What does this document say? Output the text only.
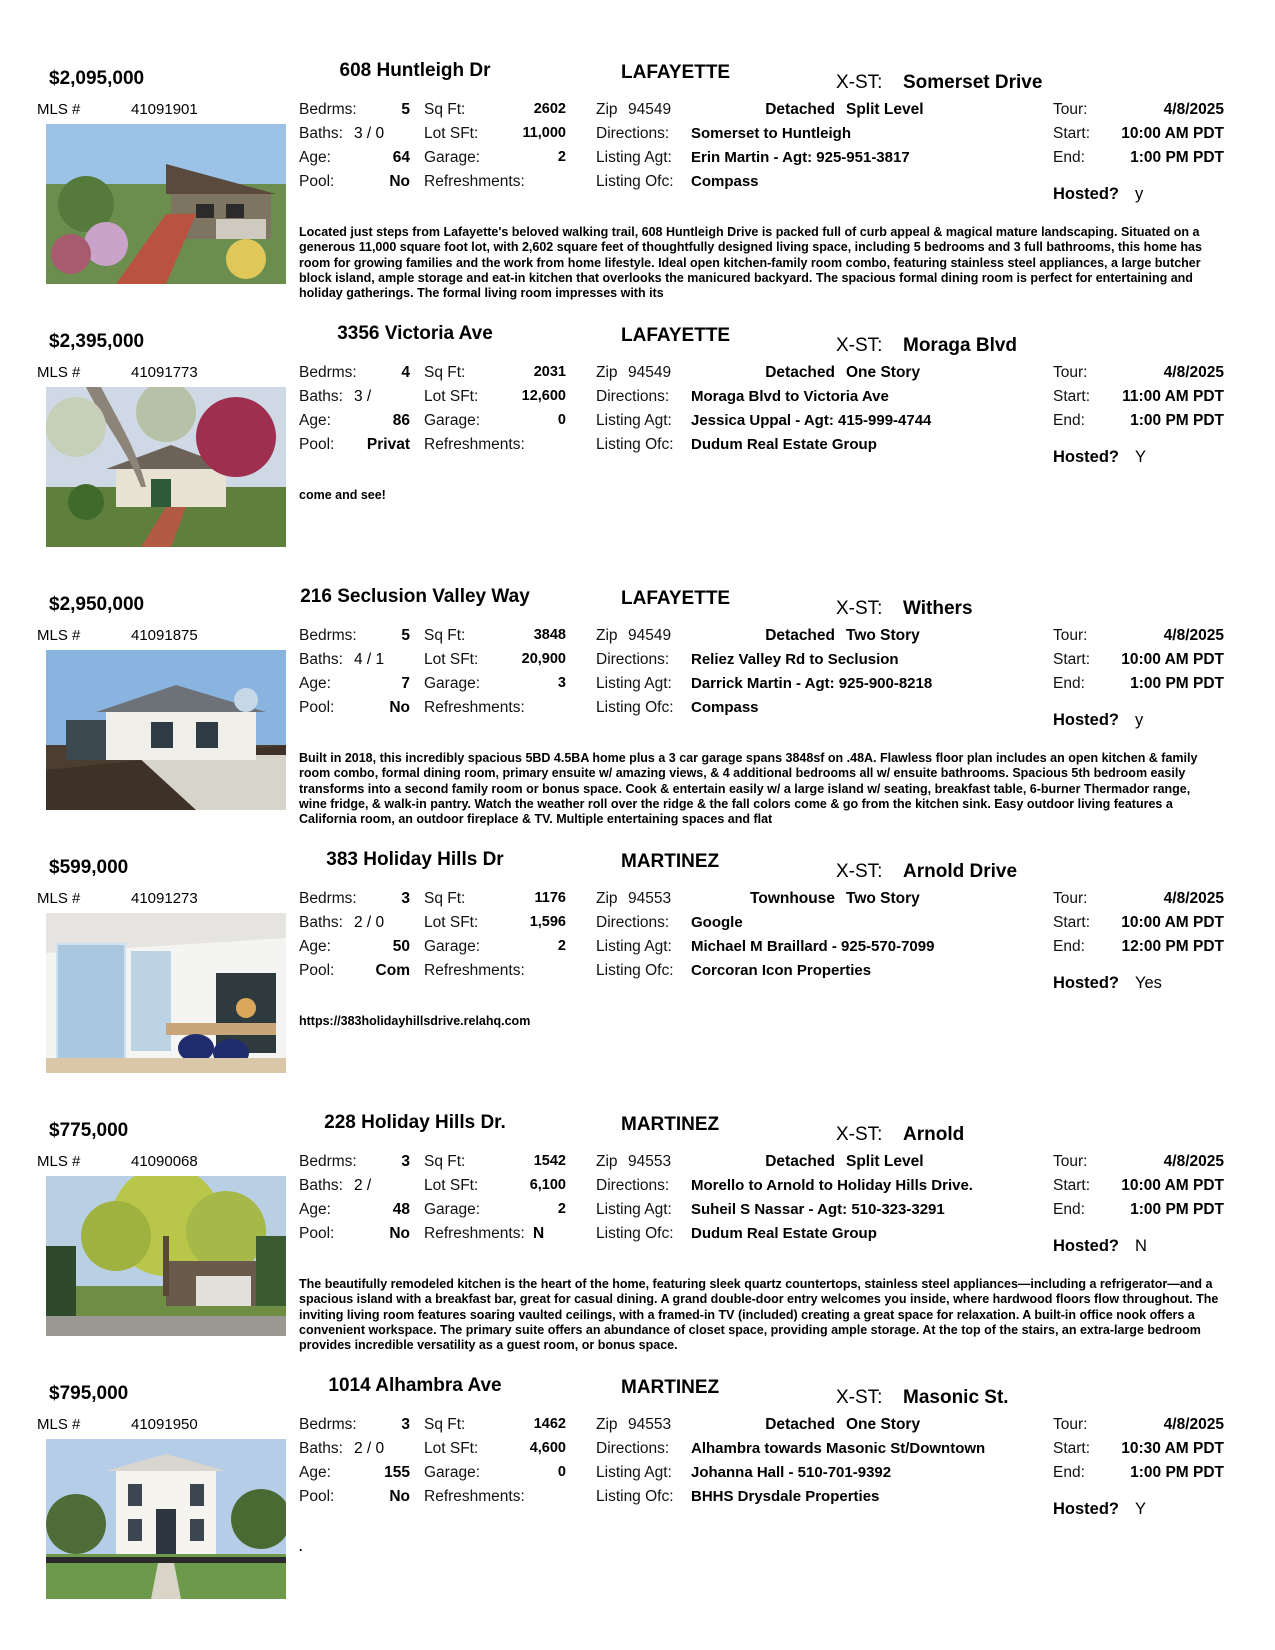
$2,095,000	608 Huntleigh Dr	LAFAYETTE	X-ST: Somerset Drive
MLS #	41091901	Bedrms:	5
Baths: 3 / 0
Age:	64
Pool:	No
Sq Ft:	2602
Lot SFt:	11,000
Garage:	2
Refreshments:
Zip 94549	Detached Split Level
Directions: Somerset to Huntleigh
Listing Agt: Erin Martin - Agt: 925-951-3817
Listing Ofc: Compass
Tour:	4/8/2025
Start:	10:00 AM PDT
End:	1:00 PM PDT
Hosted? y
Located just steps from Lafayette's beloved walking trail, 608 Huntleigh Drive is packed full of curb appeal & magical mature landscaping. Situated on a generous 11,000 square foot lot, with 2,602 square feet of thoughtfully designed living space, including 5 bedrooms and 3 full bathrooms, this home has room for growing families and the work from home lifestyle. Ideal open kitchen-family room combo, featuring stainless steel appliances, a large butcher block island, ample storage and eat-in kitchen that overlooks the manicured backyard. The spacious formal dining room is perfect for entertaining and holiday gatherings. The formal living room impresses with its
$2,395,000	3356 Victoria Ave	LAFAYETTE	X-ST: Moraga Blvd
MLS #	41091773	Bedrms:	4
Baths: 3 /
Age:	86
Pool:	Privat
Sq Ft:	2031
Lot SFt:	12,600
Garage:	0
Refreshments:
Zip 94549	Detached One Story
Directions: Moraga Blvd to Victoria Ave
Listing Agt: Jessica Uppal - Agt: 415-999-4744
Listing Ofc: Dudum Real Estate Group
Tour:	4/8/2025
Start:	11:00 AM PDT
End:	1:00 PM PDT
Hosted? Y
come and see!
$2,950,000	216 Seclusion Valley Way	LAFAYETTE	X-ST: Withers
MLS #	41091875	Bedrms:	5
Baths: 4 / 1
Age:	7
Pool:	No
Sq Ft:	3848
Lot SFt:	20,900
Garage:	3
Refreshments:
Zip 94549	Detached Two Story
Directions: Reliez Valley Rd to Seclusion
Listing Agt: Darrick Martin - Agt: 925-900-8218
Listing Ofc: Compass
Tour:	4/8/2025
Start:	10:00 AM PDT
End:	1:00 PM PDT
Hosted? y
Built in 2018, this incredibly spacious 5BD 4.5BA home plus a 3 car garage spans 3848sf on .48A. Flawless floor plan includes an open kitchen & family room combo, formal dining room, primary ensuite w/ amazing views, & 4 additional bedrooms all w/ ensuite bathrooms. Spacious 5th bedroom easily transforms into a second family room or bonus space. Cook & entertain easily w/ a large island w/ seating, breakfast table, 6-burner Thermador range, wine fridge, & walk-in pantry. Watch the weather roll over the ridge & the fall colors come & go from the kitchen sink. Easy outdoor living features a California room, an outdoor fireplace & TV. Multiple entertaining spaces and flat
$599,000	383 Holiday Hills Dr	MARTINEZ	X-ST: Arnold Drive
MLS #	41091273	Bedrms:	3
Baths: 2 / 0
Age:	50
Pool:	Com
Sq Ft:	1176
Lot SFt:	1,596
Garage:	2
Refreshments:
Zip 94553	Townhouse Two Story
Directions: Google
Listing Agt: Michael M Braillard - 925-570-7099
Listing Ofc: Corcoran Icon Properties
Tour:	4/8/2025
Start:	10:00 AM PDT
End:	12:00 PM PDT
Hosted? Yes
https://383holidayhillsdrive.relahq.com
$775,000	228 Holiday Hills Dr.	MARTINEZ	X-ST: Arnold
MLS #	41090068	Bedrms:	3
Baths: 2 /
Age:	48
Pool:	No
Sq Ft:	1542
Lot SFt:	6,100
Garage:	2
Refreshments: N
Zip 94553	Detached Split Level
Directions: Morello to Arnold to Holiday Hills Drive.
Listing Agt: Suheil S Nassar - Agt: 510-323-3291
Listing Ofc: Dudum Real Estate Group
Tour:	4/8/2025
Start:	10:00 AM PDT
End:	1:00 PM PDT
Hosted? N
The beautifully remodeled kitchen is the heart of the home, featuring sleek quartz countertops, stainless steel appliances—including a refrigerator—and a spacious island with a breakfast bar, great for casual dining. A grand double-door entry welcomes you inside, where hardwood floors flow throughout. The inviting living room features soaring vaulted ceilings, with a framed-in TV (included) creating a great space for relaxation. A built-in office nook offers a convenient workspace. The primary suite offers an abundance of closet space, providing ample storage. At the top of the stairs, an extra-large bedroom provides incredible versatility as a guest room, or bonus space.
$795,000	1014 Alhambra Ave	MARTINEZ	X-ST: Masonic St.
MLS #	41091950	Bedrms:	3
Baths: 2 / 0
Age:	155
Pool:	No
Sq Ft:	1462
Lot SFt:	4,600
Garage:	0
Refreshments:
Zip 94553	Detached One Story
Directions: Alhambra towards Masonic St/Downtown
Listing Agt: Johanna Hall - 510-701-9392
Listing Ofc: BHHS Drysdale Properties
Tour:	4/8/2025
Start:	10:30 AM PDT
End:	1:00 PM PDT
Hosted? Y
.
